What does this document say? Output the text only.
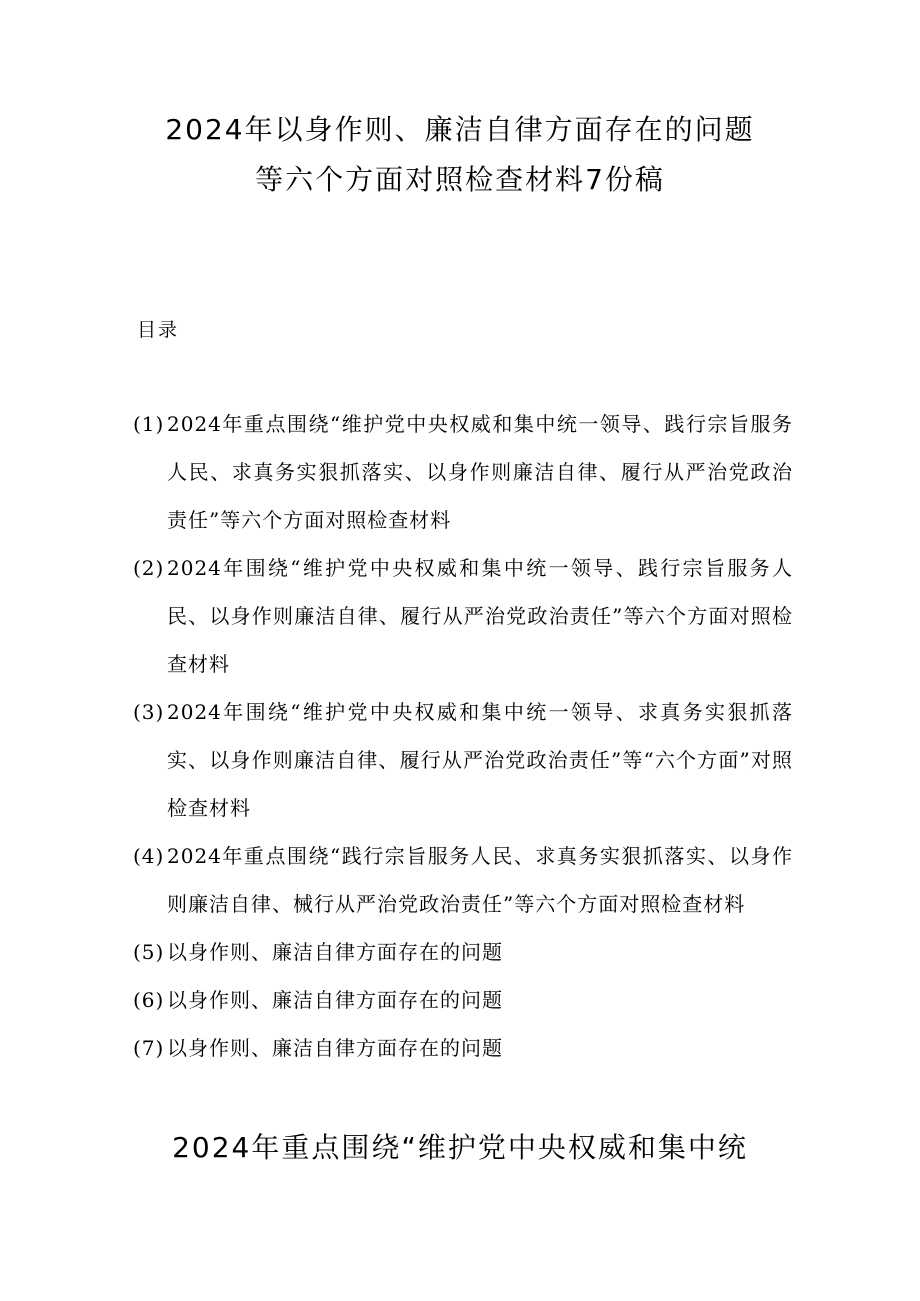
2024年以身作则、廉洁自律方面存在的问题
等六个方面对照检查材料7份稿
目录
(1) 2024年重点围绕“维护党中央权威和集中统一领导、践行宗旨服务人民、求真务实狠抓落实、以身作则廉洁自律、履行从严治党政治责任”等六个方面对照检查材料
(2) 2024年围绕“维护党中央权威和集中统一领导、践行宗旨服务人民、以身作则廉洁自律、履行从严治党政治责任”等六个方面对照检查材料
(3) 2024年围绕“维护党中央权威和集中统一领导、求真务实狠抓落实、以身作则廉洁自律、履行从严治党政治责任”等“六个方面”对照检查材料
(4) 2024年重点围绕“践行宗旨服务人民、求真务实狠抓落实、以身作则廉洁自律、械行从严治党政治责任”等六个方面对照检查材料
(5) 以身作则、廉洁自律方面存在的问题
(6) 以身作则、廉洁自律方面存在的问题
(7) 以身作则、廉洁自律方面存在的问题
2024年重点围绕“维护党中央权威和集中统
